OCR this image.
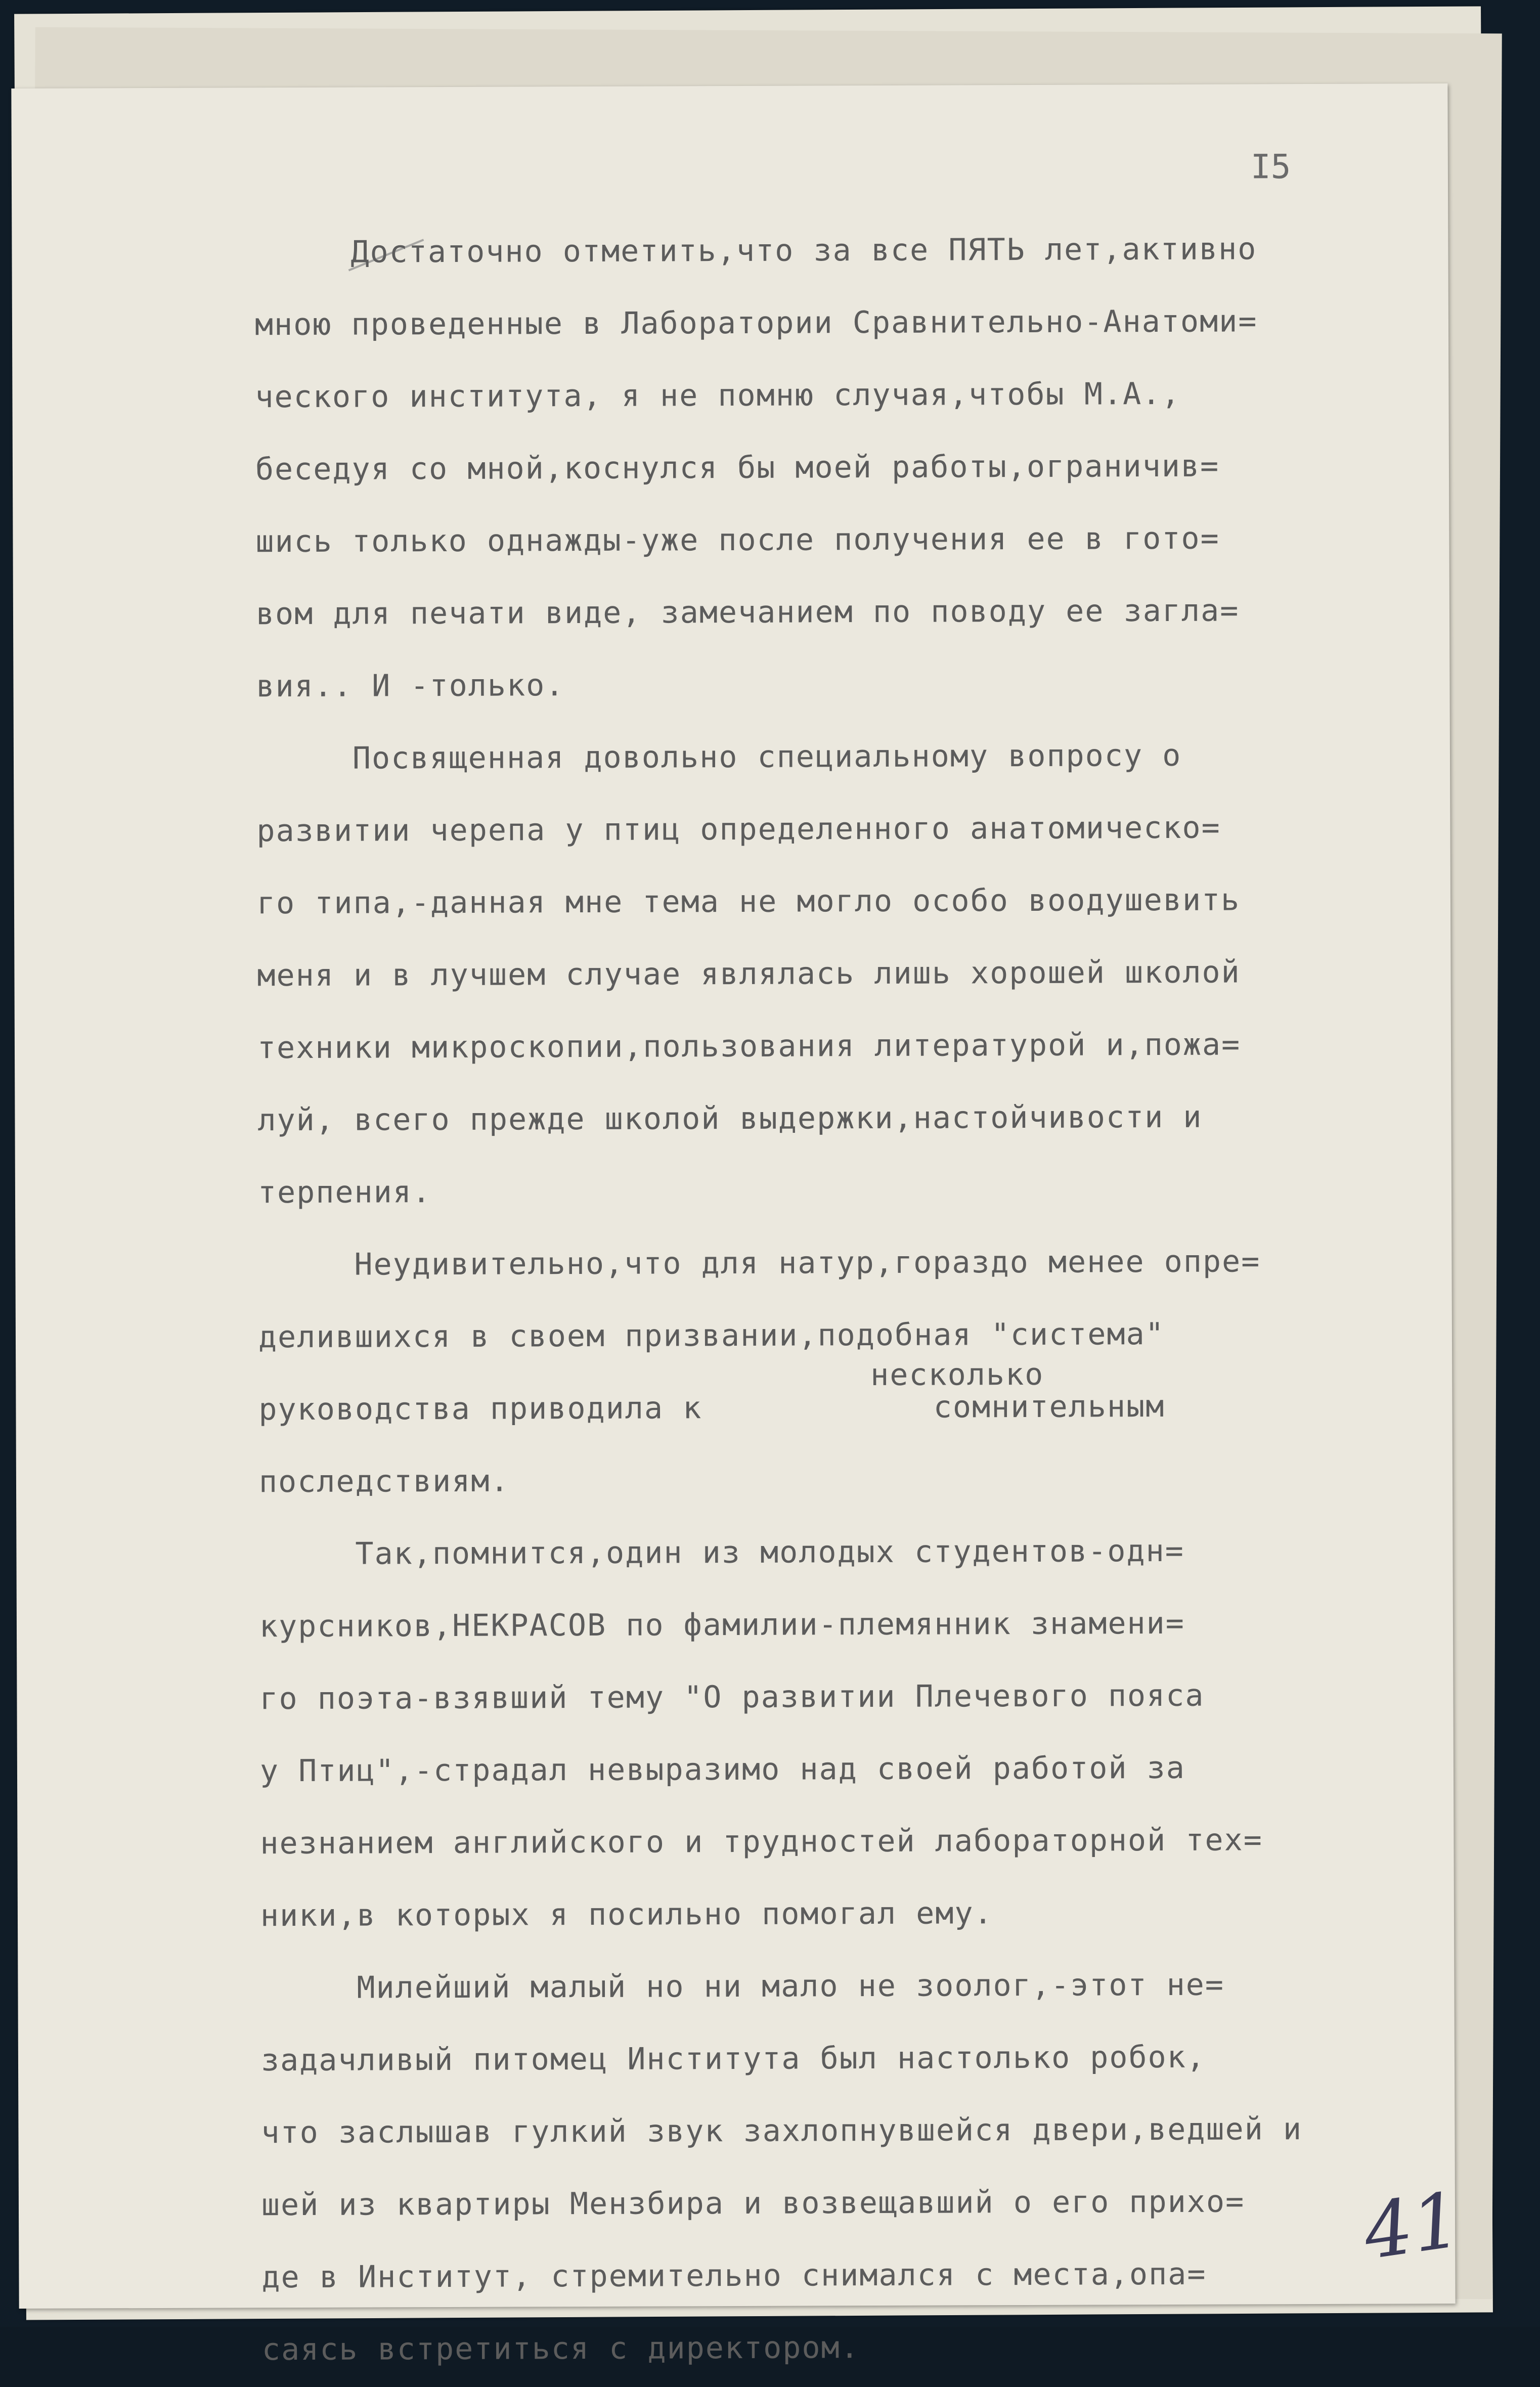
I5
Достаточно отметить,что за все ПЯТЬ лет,активно
мною проведенные в Лаборатории Сравнительно-Анатоми=
ческого института, я не помню случая,чтобы М.А.,
беседуя со мной,коснулся бы моей работы,ограничив=
шись только однажды-уже после получения ее в гото=
вом для печати виде, замечанием по поводу ее загла=
вия.. И -только.
Посвященная довольно специальному вопросу о
развитии черепа у птиц определенного анатомическо=
го типа,-данная мне тема не могло особо воодушевить
меня и в лучшем случае являлась лишь хорошей школой
техники микроскопии,пользования литературой и,пожа=
луй, всего прежде школой выдержки,настойчивости и
терпения.
Неудивительно,что для натур,гораздо менее опре=
делившихся в своем призвании,подобная "система"
несколько
руководства приводила к            сомнительным
последствиям.
Так,помнится,один из молодых студентов-одн=
курсников,НЕКРАСОВ по фамилии-племянник знамени=
го поэта-взявший тему "О развитии Плечевого пояса
у Птиц",-страдал невыразимо над своей работой за
незнанием английского и трудностей лабораторной тех=
ники,в которых я посильно помогал ему.
Милейший малый но ни мало не зоолог,-этот не=
задачливый питомец Института был настолько робок,
что заслышав гулкий звук захлопнувшейся двери,ведшей и
шей из квартиры Мензбира и возвещавший о его прихо=
де в Институт, стремительно снимался с места,опа=
саясь встретиться с директором.
41
